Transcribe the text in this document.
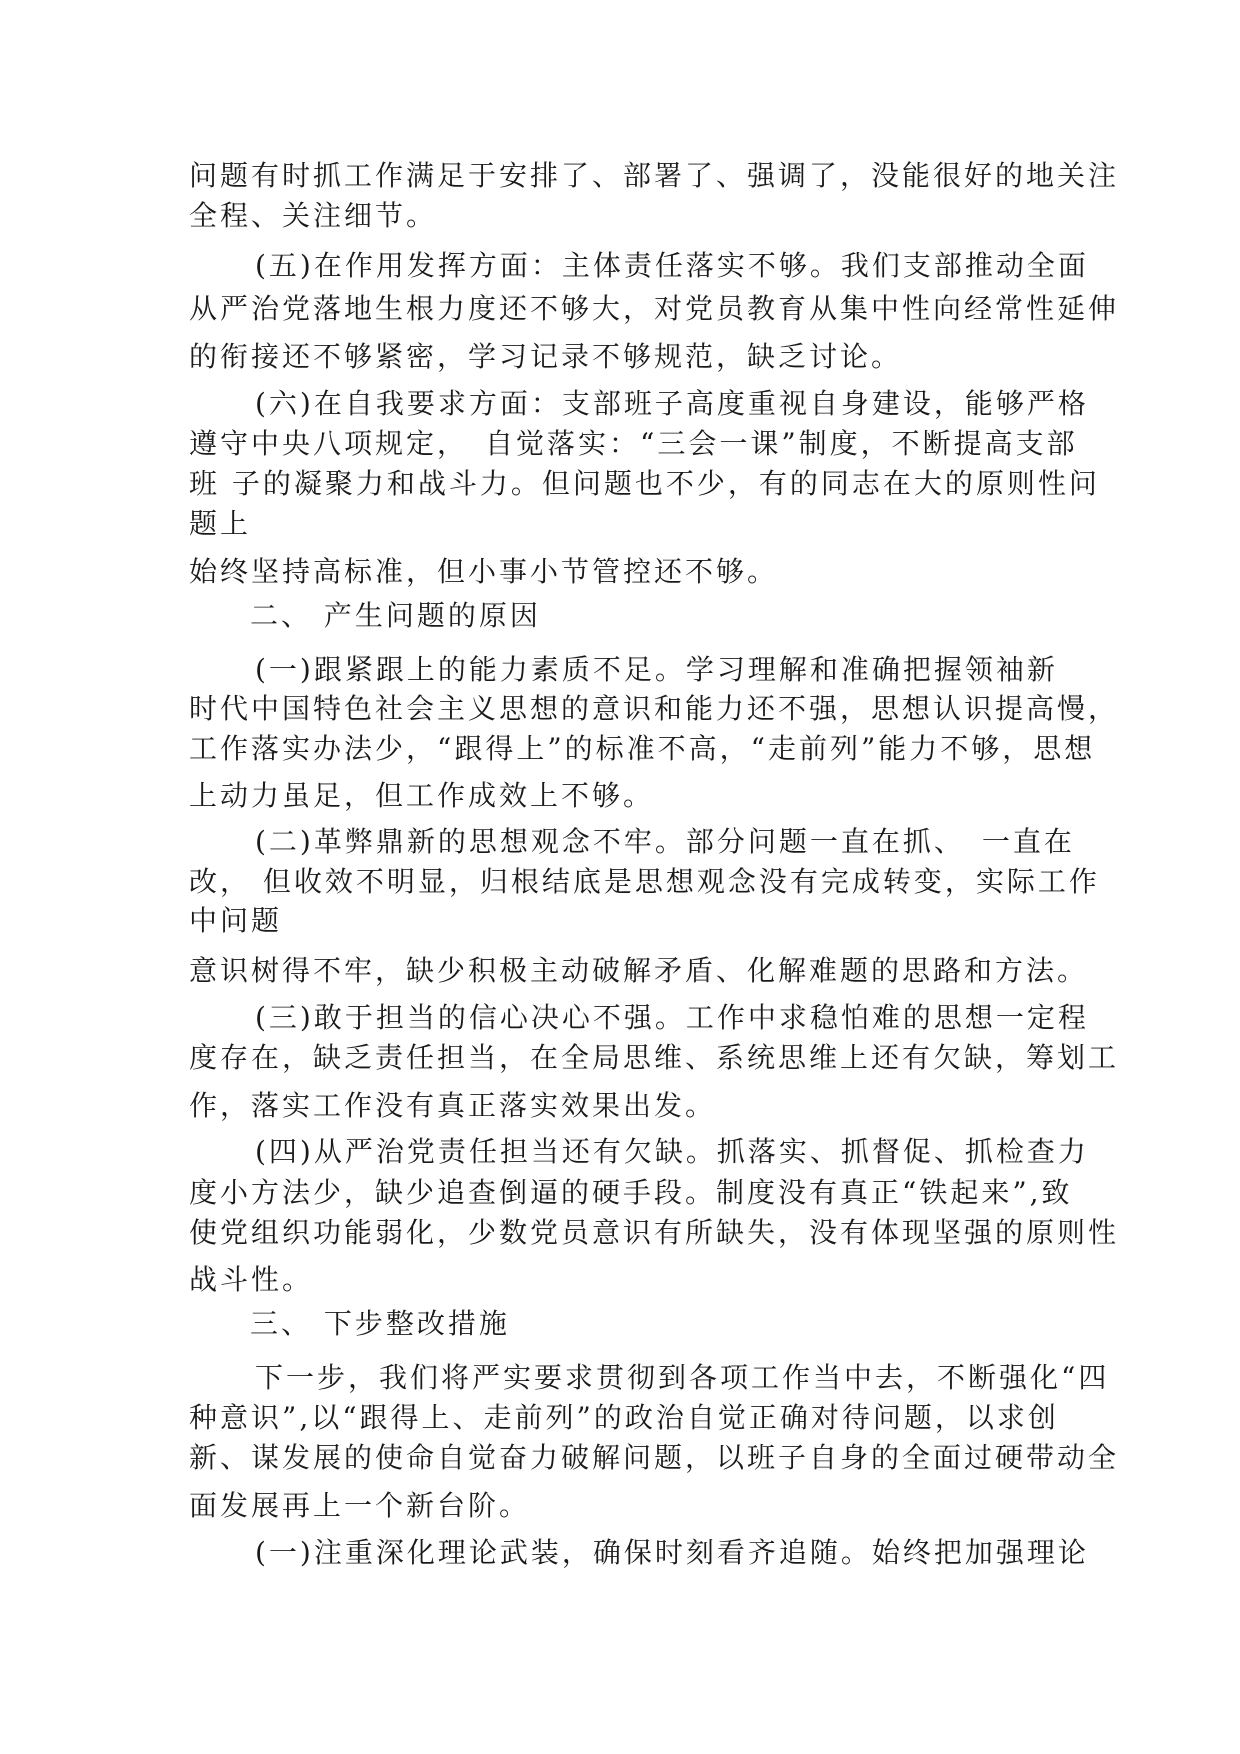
问题有时抓工作满足于安排了、部署了、强调了，没能很好的地关注
全程、关注细节。
(五)在作用发挥方面：主体责任落实不够。我们支部推动全面
从严治党落地生根力度还不够大，对党员教育从集中性向经常性延伸
的衔接还不够紧密，学习记录不够规范，缺乏讨论。
(六)在自我要求方面：支部班子高度重视自身建设，能够严格
遵守中央八项规定，　自觉落实：“三会一课”制度，不断提高支部
班 子的凝聚力和战斗力。但问题也不少，有的同志在大的原则性问
题上
始终坚持高标准，但小事小节管控还不够。
二、 产生问题的原因
(一)跟紧跟上的能力素质不足。学习理解和准确把握领袖新
时代中国特色社会主义思想的意识和能力还不强，思想认识提高慢，
工作落实办法少，“跟得上”的标准不高，“走前列”能力不够，思想
上动力虽足，但工作成效上不够。
(二)革弊鼎新的思想观念不牢。部分问题一直在抓、　一直在
改， 但收效不明显，归根结底是思想观念没有完成转变，实际工作
中问题
意识树得不牢，缺少积极主动破解矛盾、化解难题的思路和方法。
(三)敢于担当的信心决心不强。工作中求稳怕难的思想一定程
度存在，缺乏责任担当，在全局思维、系统思维上还有欠缺，筹划工
作，落实工作没有真正落实效果出发。
(四)从严治党责任担当还有欠缺。抓落实、抓督促、抓检查力
度小方法少，缺少追查倒逼的硬手段。制度没有真正“铁起来”,致
使党组织功能弱化，少数党员意识有所缺失，没有体现坚强的原则性
战斗性。
三、 下步整改措施
下一步，我们将严实要求贯彻到各项工作当中去，不断强化“四
种意识”,以“跟得上、走前列”的政治自觉正确对待问题，以求创
新、谋发展的使命自觉奋力破解问题，以班子自身的全面过硬带动全
面发展再上一个新台阶。
(一)注重深化理论武装，确保时刻看齐追随。始终把加强理论
